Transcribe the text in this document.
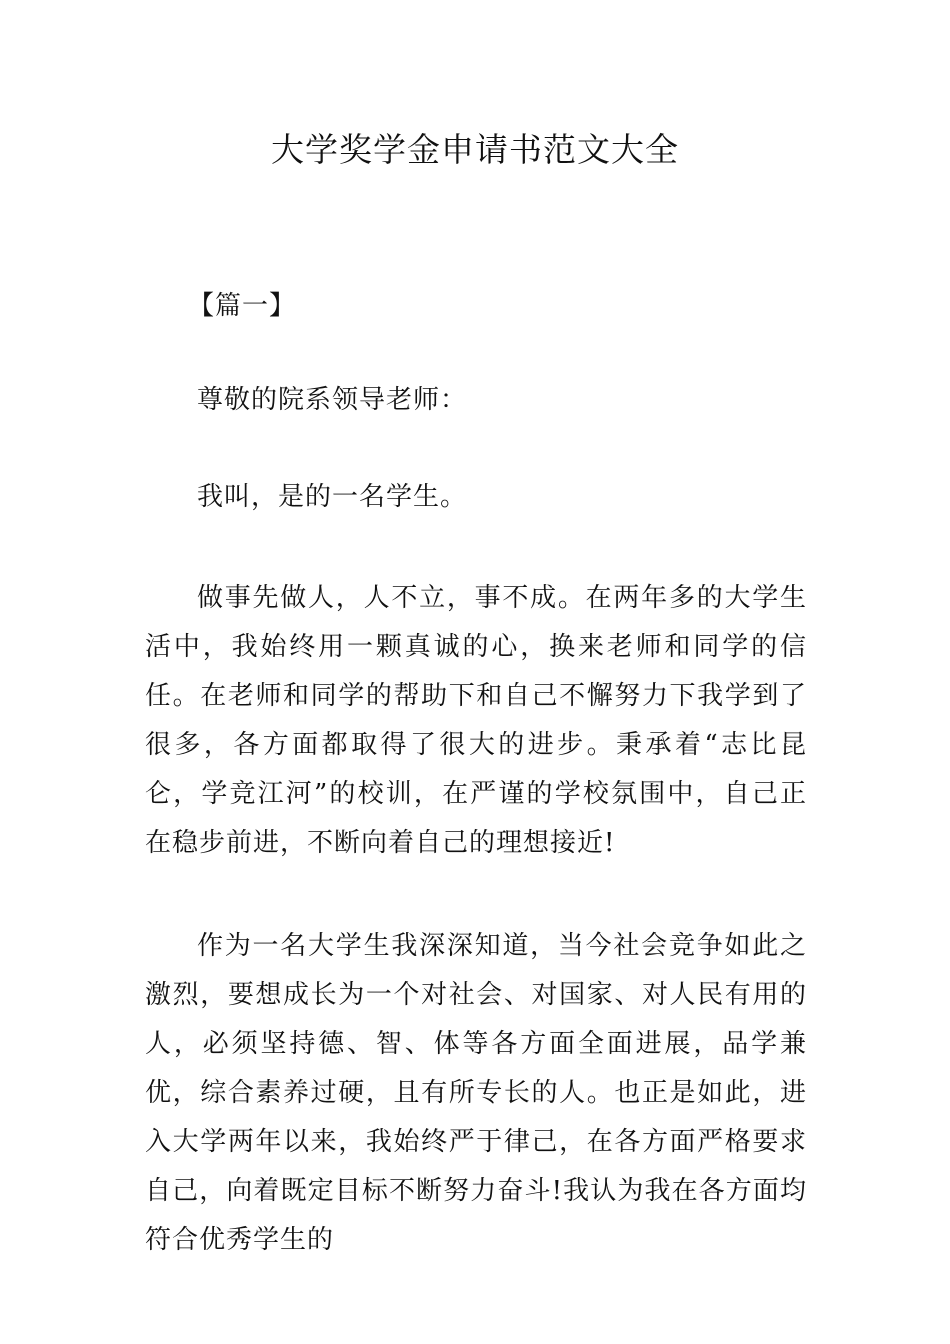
大学奖学金申请书范文大全

【篇一】

尊敬的院系领导老师：

我叫，是的一名学生。

做事先做人，人不立，事不成。在两年多的大学生活中，我始终用一颗真诚的心，换来老师和同学的信任。在老师和同学的帮助下和自己不懈努力下我学到了很多，各方面都取得了很大的进步。秉承着“志比昆仑，学竞江河”的校训，在严谨的学校氛围中，自己正在稳步前进，不断向着自己的理想接近!

作为一名大学生我深深知道，当今社会竞争如此之激烈，要想成长为一个对社会、对国家、对人民有用的人，必须坚持德、智、体等各方面全面进展，品学兼优，综合素养过硬，且有所专长的人。也正是如此，进入大学两年以来，我始终严于律己，在各方面严格要求自己，向着既定目标不断努力奋斗!我认为我在各方面均符合优秀学生的
